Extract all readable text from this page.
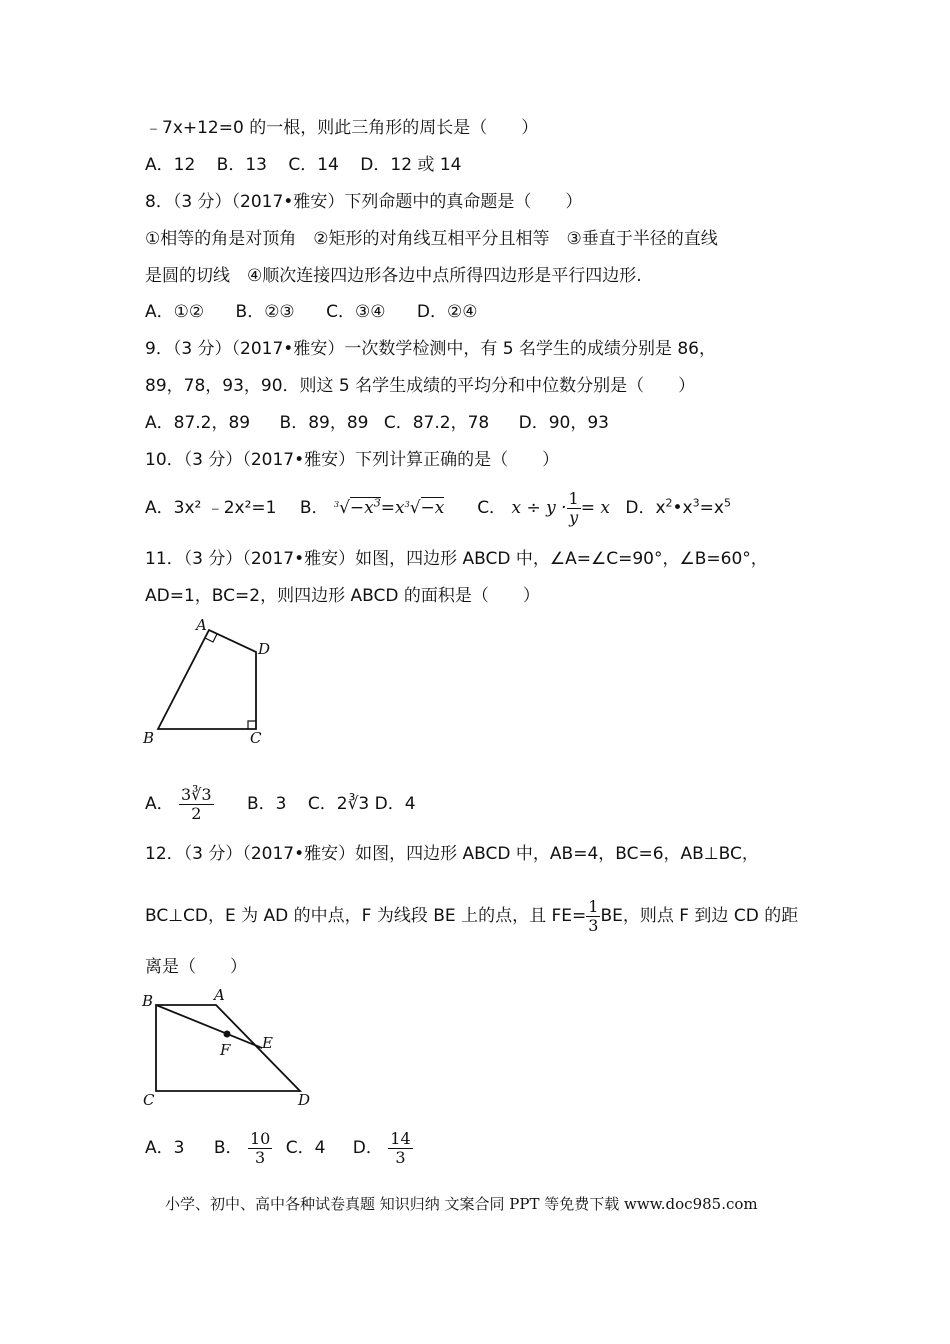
﹣7x+12=0 的一根，则此三角形的周长是（　　）
A．12 B．13 C．14 D．12 或 14
8．（3 分）（2017•雅安）下列命题中的真命题是（　　）
①相等的角是对顶角　②矩形的对角线互相平分且相等　③垂直于半径的直线
是圆的切线　④顺次连接四边形各边中点所得四边形是平行四边形.
A．①② B．②③ C．③④ D．②④
9．（3 分）（2017•雅安）一次数学检测中，有 5 名学生的成绩分别是 86，
89，78，93，90．则这 5 名学生成绩的平均分和中位数分别是（　　）
A．87.2，89 B．89，89 C．87.2，78 D．90，93
10．（3 分）（2017•雅安）下列计算正确的是（　　）
A．3x² ﹣2x²=1 B． $^3√-x^3=x^3√-x$ C． $x \div y \cdot \frac{1}{y} = x$ D．$x^2•x^3=x^5$
11．（3 分）（2017•雅安）如图，四边形 ABCD 中，∠A=∠C=90°，∠B=60°，
AD=1，BC=2，则四边形 ABCD 的面积是（　　）
A
B	C
D
A． $\frac{3∛3}{2}$ B．3 C．2∛3 D．4
12．（3 分）（2017•雅安）如图，四边形 ABCD 中，AB=4，BC=6，AB⊥BC，
BC⊥CD，E 为 AD 的中点，F 为线段 BE 上的点，且 $FE= \frac{1}{3}$ BE，则点 F 到边 CD 的距
离是（　　）
B	A
E
F
C	D
A．3 B． $\frac{10}{3}$ C．4 D． $\frac{14}{3}$
小学、初中、高中各种试卷真题 知识归纳 文案合同 PPT 等免费下载 www.doc985.com
